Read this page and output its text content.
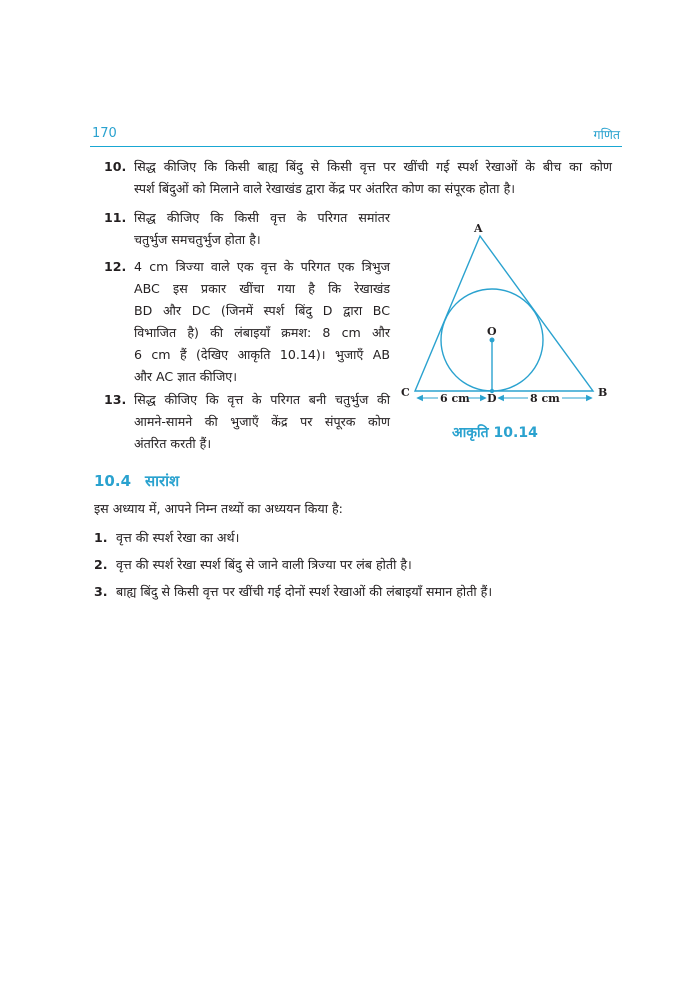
170	गणित
10. सिद्ध कीजिए कि किसी बाह्य बिंदु से किसी वृत्त पर खींची गई स्पर्श रेखाओं के बीच का कोण
स्पर्श बिंदुओं को मिलाने वाले रेखाखंड द्वारा केंद्र पर अंतरित कोण का संपूरक होता है।
11. सिद्ध कीजिए कि किसी वृत्त के परिगत समांतर
चतुर्भुज समचतुर्भुज होता है।
12. 4 cm त्रिज्या वाले एक वृत्त के परिगत एक त्रिभुज
ABC इस प्रकार खींचा गया है कि रेखाखंड
BD और DC (जिनमें स्पर्श बिंदु D द्वारा BC
विभाजित है) की लंबाइयाँ क्रमश: 8 cm और
6 cm हैं (देखिए आकृति 10.14)। भुजाएँ AB
और AC ज्ञात कीजिए।
13. सिद्ध कीजिए कि वृत्त के परिगत बनी चतुर्भुज की
आमने-सामने की भुजाएँ केंद्र पर संपूरक कोण
अंतरित करती हैं।
A
O
C	B
6 cm D	8 cm
आकृति 10.14
10.4 सारांश
इस अध्याय में, आपने निम्न तथ्यों का अध्ययन किया है:
1. वृत्त की स्पर्श रेखा का अर्थ।
2. वृत्त की स्पर्श रेखा स्पर्श बिंदु से जाने वाली त्रिज्या पर लंब होती है।
3. बाह्य बिंदु से किसी वृत्त पर खींची गई दोनों स्पर्श रेखाओं की लंबाइयाँ समान होती हैं।
